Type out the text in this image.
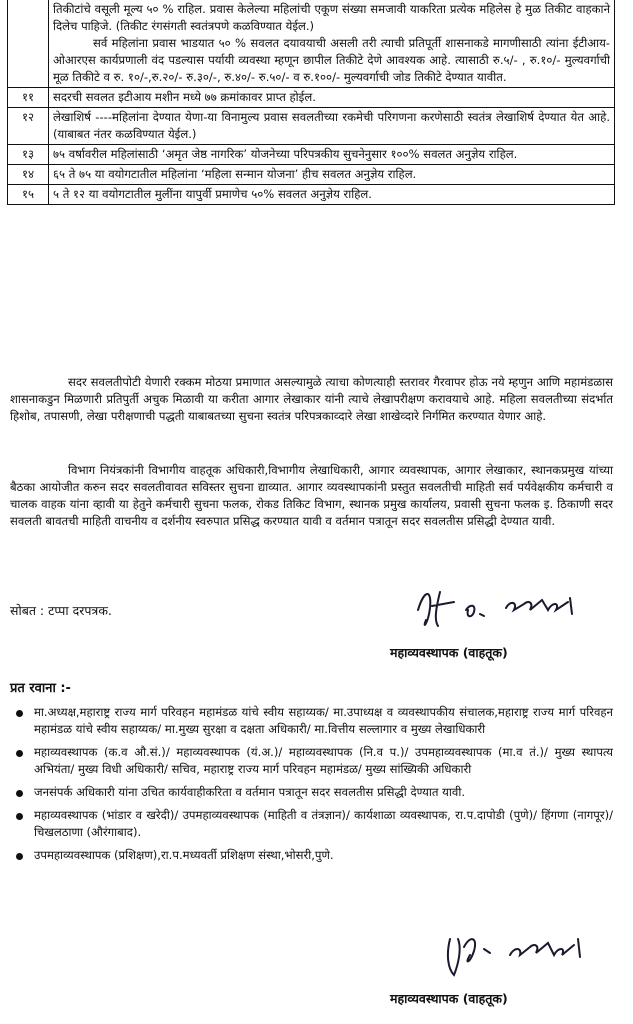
	तिकीटांचे वसूली मूल्य ५० % राहिल. प्रवास केलेल्या महिलांची एकूण संख्या समजावी याकरिता प्रत्येक महिलेस हे मुळ तिकीट वाहकाने दिलेच पाहिजे. (तिकीट रंगसंगती स्वतंत्रपणे कळविण्यात येईल.)

सर्व महिलांना प्रवास भाडयात ५० % सवलत दयावयाची असली तरी त्याची प्रतिपूर्ती शासनाकडे मागणीसाठी त्यांना ईटीआय-ओआरएस कार्यप्रणाली वंद पडल्यास पर्यायी व्यवस्था म्हणून छापील तिकीटे देणे आवश्यक आहे. त्यासाठी रु.५/- , रु.१०/- मुल्यवर्गाची मूळ तिकीटे व रु. १०/-,रु.२०/- रु.३०/-, रु.४०/- रु.५०/- व रु.१००/- मुल्यवर्गाची जोड तिकीटे देण्यात यावीत.

११	सदरची सवलत इटीआय मशीन मध्ये ७७ क्रमांकावर प्राप्त होईल.
१२	लेखाशिर्ष ----महिलांना देण्यात येणा-या विनामुल्य प्रवास सवलतीच्या रकमेची परिगणना करणेसाठी स्वतंत्र लेखाशिर्ष देण्यात येत आहे. (याबाबत नंतर कळविण्यात येईल.)
१३	७५ वर्षावरील महिलांसाठी ‘अमृत जेष्ठ नागरिक’ योजनेच्या परिपत्रकीय सुचनेनुसार १००% सवलत अनुज्ञेय राहिल.
१४	६५ ते ७५ या वयोगटातील महिलांना ‘महिला सन्मान योजना’ हीच सवलत अनुज्ञेय राहिल.
१५	५ ते १२ या वयोगटातील मुलींना यापुर्वी प्रमाणेच ५०% सवलत अनुज्ञेय राहिल.

सदर सवलतीपोटी येणारी रक्कम मोठया प्रमाणात असल्यामुळे त्याचा कोणत्याही स्तरावर गैरवापर होऊ नये म्हणुन आणि महामंडळास शासनाकडुन मिळणारी प्रतिपुर्ती अचुक मिळावी या करीता आगार लेखाकार यांनी त्याचे लेखापरीक्षण करावयाचे आहे. महिला सवलतीच्या संदर्भात हिशोब, तपासणी, लेखा परीक्षणाची पद्धती याबाबतच्या सुचना स्वतंत्र परिपत्रकाव्दारे लेखा शाखेव्दारे निर्गमित करण्यात येणार आहे.

विभाग नियंत्रकांनी विभागीय वाहतूक अधिकारी,विभागीय लेखाधिकारी, आगार व्यवस्थापक, आगार लेखाकार, स्थानकप्रमुख यांच्या बैठका आयोजीत करुन सदर सवलतीवावत सविस्तर सुचना द्याव्यात. आगार व्यवस्थापकांनी प्रस्तुत सवलतीची माहिती सर्व पर्यवेक्षकीय कर्मचारी व चालक वाहक यांना व्हावी या हेतुने कर्मचारी सुचना फलक, रोकड तिकिट विभाग, स्थानक प्रमुख कार्यालय, प्रवासी सुचना फलक इ. ठिकाणी सदर सवलती बावतची माहिती वाचनीय व दर्शनीय स्वरुपात प्रसिद्ध करण्यात यावी व वर्तमान पत्रातून सदर सवलतीस प्रसिद्धी देण्यात यावी.

सोबत : टप्पा दरपत्रक.
महाव्यवस्थापक (वाहतूक)
प्रत रवाना :-
मा.अध्यक्ष,महाराष्ट्र राज्य मार्ग परिवहन महामंडळ यांचे स्वीय सहाय्यक/ मा.उपाध्यक्ष व व्यवस्थापकीय संचालक,महाराष्ट्र राज्य मार्ग परिवहन महामंडळ यांचे स्वीय सहाय्यक/ मा.मुख्य सुरक्षा व दक्षता अधिकारी/ मा.वित्तीय सल्लागार व मुख्य लेखाधिकारी
महाव्यवस्थापक (क.व औ.सं.)/ महाव्यवस्थापक (यं.अ.)/ महाव्यवस्थापक (नि.व प.)/ उपमहाव्यवस्थापक (मा.व तं.)/ मुख्य स्थापत्य अभियंता/ मुख्य विधी अधिकारी/ सचिव, महाराष्ट्र राज्य मार्ग परिवहन महामंडळ/ मुख्य सांख्यिकी अधिकारी
जनसंपर्क अधिकारी यांना उचित कार्यवाहीकरिता व वर्तमान पत्रातून सदर सवलतीस प्रसिद्धी देण्यात यावी.
महाव्यवस्थापक (भांडार व खरेदी)/ उपमहाव्यवस्थापक (माहिती व तंत्रज्ञान)/ कार्यशाळा व्यवस्थापक, रा.प.दापोडी (पुणे)/ हिंगणा (नागपूर)/ चिखलठाणा (औरंगाबाद).
उपमहाव्यवस्थापक (प्रशिक्षण),रा.प.मध्यवर्ती प्रशिक्षण संस्था,भोसरी,पुणे.
महाव्यवस्थापक (वाहतूक)
